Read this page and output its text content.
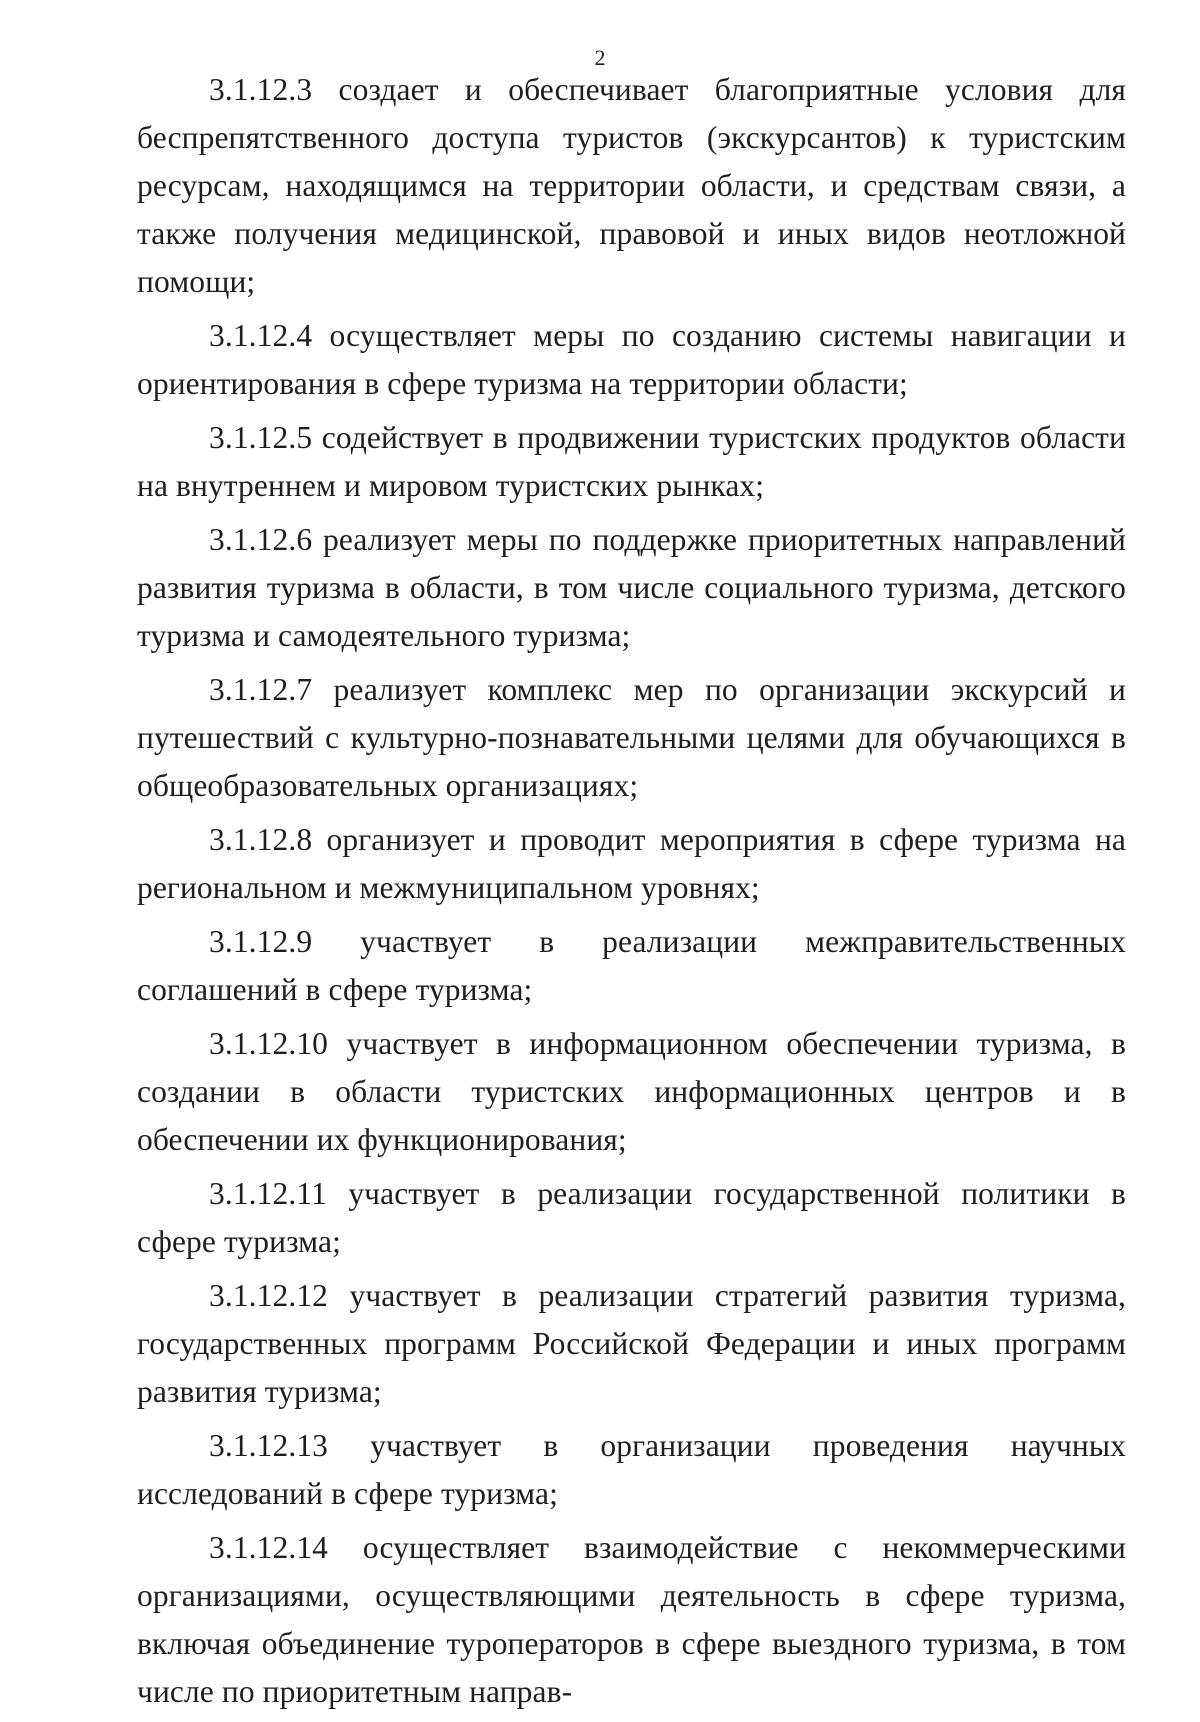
2

3.1.12.3 создает и обеспечивает благоприятные условия для беспрепятственного доступа туристов (экскурсантов) к туристским ресурсам, находящимся на территории области, и средствам связи, а также получения медицинской, правовой и иных видов неотложной помощи;

3.1.12.4 осуществляет меры по созданию системы навигации и ориентирования в сфере туризма на территории области;

3.1.12.5 содействует в продвижении туристских продуктов области на внутреннем и мировом туристских рынках;

3.1.12.6 реализует меры по поддержке приоритетных направлений развития туризма в области, в том числе социального туризма, детского туризма и самодеятельного туризма;

3.1.12.7 реализует комплекс мер по организации экскурсий и путешествий с культурно-познавательными целями для обучающихся в общеобразовательных организациях;

3.1.12.8 организует и проводит мероприятия в сфере туризма на региональном и межмуниципальном уровнях;

3.1.12.9 участвует в реализации межправительственных соглашений в сфере туризма;

3.1.12.10 участвует в информационном обеспечении туризма, в создании в области туристских информационных центров и в обеспечении их функционирования;

3.1.12.11 участвует в реализации государственной политики в сфере туризма;

3.1.12.12 участвует в реализации стратегий развития туризма, государственных программ Российской Федерации и иных программ развития туризма;

3.1.12.13 участвует в организации проведения научных исследований в сфере туризма;

3.1.12.14 осуществляет взаимодействие с некоммерческими организациями, осуществляющими деятельность в сфере туризма, включая объединение туроператоров в сфере выездного туризма, в том числе по приоритетным направ-
